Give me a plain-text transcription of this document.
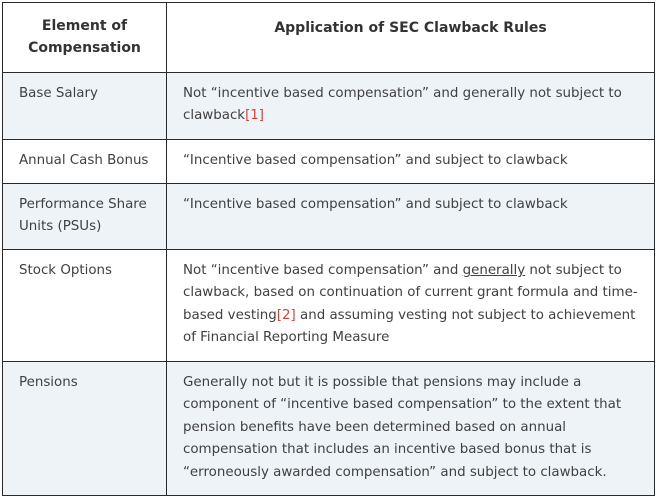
Element of Compensation	Application of SEC Clawback Rules
Base Salary	Not “incentive based compensation” and generally not subject to clawback[1]
Annual Cash Bonus	“Incentive based compensation” and subject to clawback
Performance Share Units (PSUs)	“Incentive based compensation” and subject to clawback
Stock Options	Not “incentive based compensation” and generally not subject to clawback, based on continuation of current grant formula and time-based vesting[2] and assuming vesting not subject to achievement of Financial Reporting Measure
Pensions	Generally not but it is possible that pensions may include a component of “incentive based compensation” to the extent that pension benefits have been determined based on annual compensation that includes an incentive based bonus that is “erroneously awarded compensation” and subject to clawback.
